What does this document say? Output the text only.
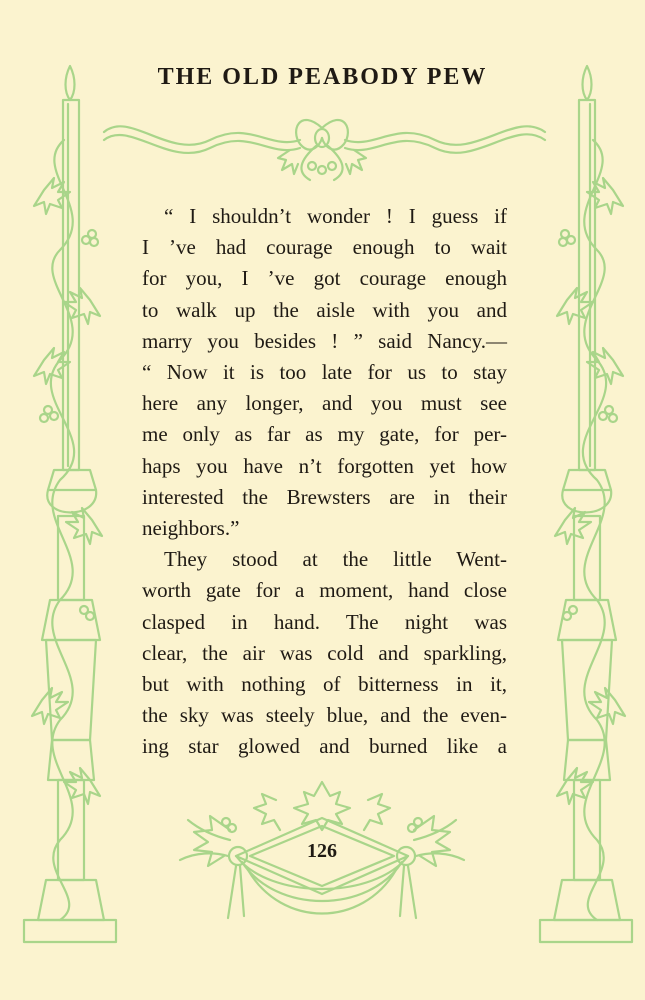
THE OLD PEABODY PEW

“ I shouldn’t wonder ! I guess if
I ’ve had courage enough to wait
for you, I ’ve got courage enough
to walk up the aisle with you and
marry you besides ! ” said Nancy.—
“ Now it is too late for us to stay
here any longer, and you must see
me only as far as my gate, for per-
haps you have n’t forgotten yet how
interested the Brewsters are in their
neighbors.”

They stood at the little Went-
worth gate for a moment, hand close
clasped in hand. The night was
clear, the air was cold and sparkling,
but with nothing of bitterness in it,
the sky was steely blue, and the even-
ing star glowed and burned like a

126
